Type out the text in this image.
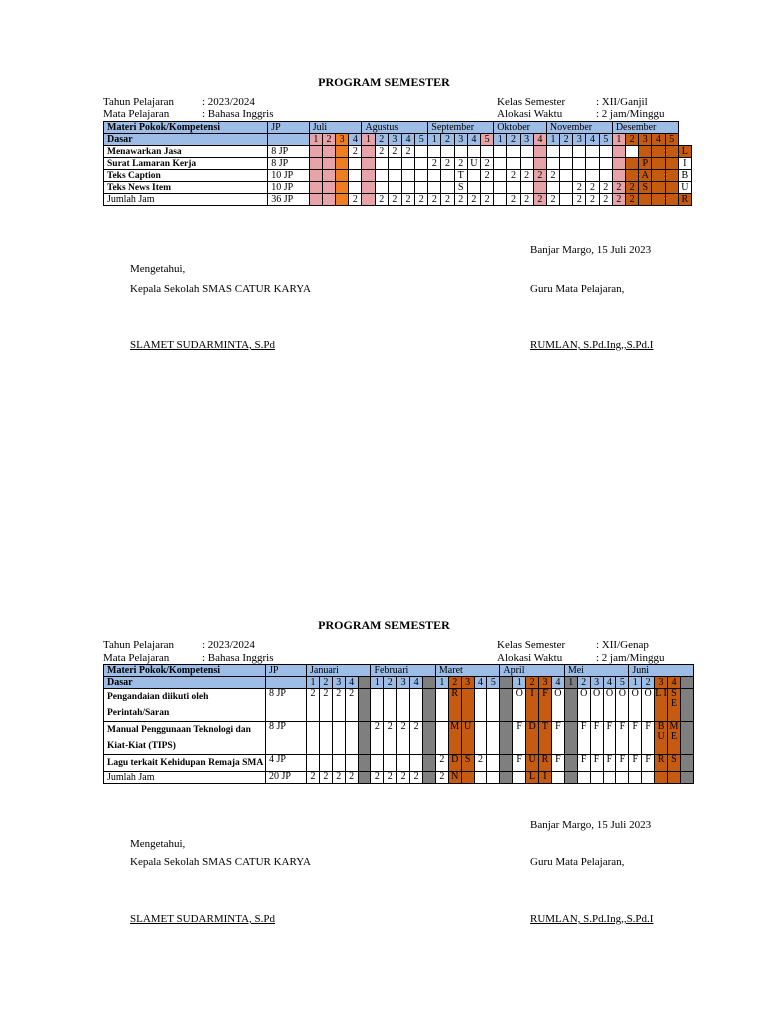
PROGRAM SEMESTER
Tahun Pelajaran	: 2023/2024
Mata Pelajaran	: Bahasa Inggris
Kelas Semester	: XII/Ganjil
Alokasi Waktu	: 2 jam/Minggu
Materi Pokok/Kompetensi	JP	Juli				Agustus					September					Oktober				November					Desember					
Dasar		1	2	3	4	1	2	3	4	5	1	2	3	4	5	1	2	3	4	1	2	3	4	5	1	2	3	4	5	
Menawarkan Jasa	8 JP				2		2	2	2																					L
Surat Lamaran Kerja	8 JP										2	2	2	U	2												P			I
Teks Caption	10 JP												T		2		2	2	2	2							A			B
Teks News Item	10 JP												S									2	2	2	2	2	S			U
Jumlah Jam	36 JP				2		2	2	2	2	2	2	2	2	2		2	2	2	2		2	2	2	2	2				R
Banjar Margo, 15 Juli 2023
Mengetahui,
Kepala Sekolah SMAS CATUR KARYA	Guru Mata Pelajaran,
SLAMET SUDARMINTA, S.Pd	RUMLAN, S.Pd.Ing,,S.Pd.I
PROGRAM SEMESTER
Tahun Pelajaran	: 2023/2024
Mata Pelajaran	: Bahasa Inggris
Kelas Semester	: XII/Genap
Alokasi Waktu	: 2 jam/Minggu
Materi Pokok/Kompetensi	JP	Januari					Februari					Maret					April					Mei					Juni				
Dasar		1	2	3	4		1	2	3	4		1	2	3	4	5		1	2	3	4	1	2	3	4	5	1	2	3	4	
Pengandaian diikuti oleh Perintah/Saran	8 JP	2	2	2	2								R					O	I	F	O		O	O	O	O	O	O	L I	S E	
Manual Penggunaan Teknologi dan Kiat-Kiat (TIPS)	8 JP						2	2	2	2			M	U				F	D	T	F		F	F	F	F	F	F	B U	M E	
Lagu terkait Kehidupan Remaja SMA	4 JP											2	D	S	2			F	U	R	F		F	F	F	F	F	F	R	S	
Jumlah Jam	20 JP	2	2	2	2		2	2	2	2		2	N						L	I											
Banjar Margo, 15 Juli 2023
Mengetahui,
Kepala Sekolah SMAS CATUR KARYA	Guru Mata Pelajaran,
SLAMET SUDARMINTA, S.Pd	RUMLAN, S.Pd.Ing,,S.Pd.I
